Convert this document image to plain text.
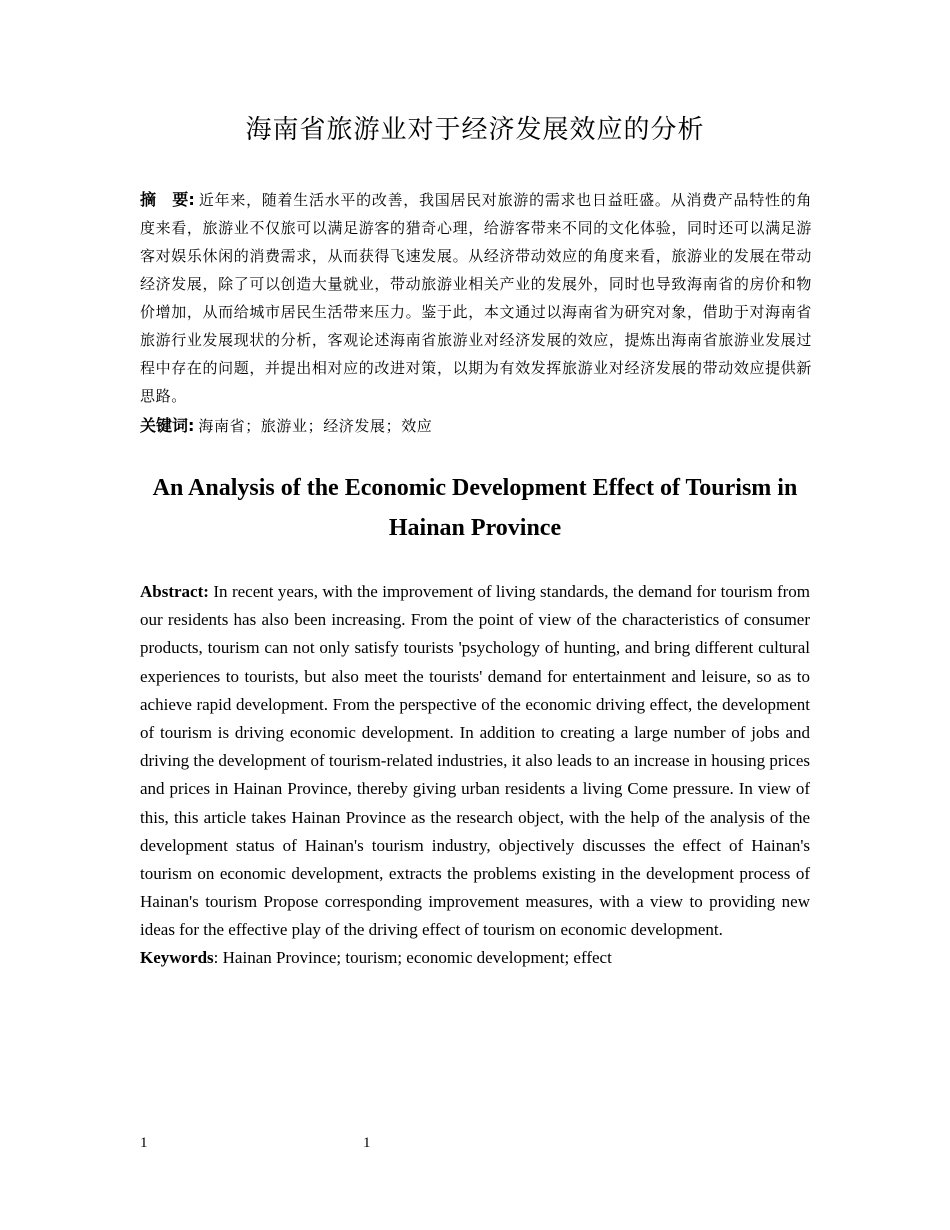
海南省旅游业对于经济发展效应的分析
摘　要: 近年来，随着生活水平的改善，我国居民对旅游的需求也日益旺盛。从消费产品特性的角度来看，旅游业不仅旅可以满足游客的猎奇心理，给游客带来不同的文化体验，同时还可以满足游客对娱乐休闲的消费需求，从而获得飞速发展。从经济带动效应的角度来看，旅游业的发展在带动经济发展，除了可以创造大量就业，带动旅游业相关产业的发展外，同时也导致海南省的房价和物价增加，从而给城市居民生活带来压力。鉴于此，本文通过以海南省为研究对象，借助于对海南省旅游行业发展现状的分析，客观论述海南省旅游业对经济发展的效应，提炼出海南省旅游业发展过程中存在的问题，并提出相对应的改进对策，以期为有效发挥旅游业对经济发展的带动效应提供新思路。
关键词: 海南省；旅游业；经济发展；效应
An Analysis of the Economic Development Effect of Tourism in Hainan Province
Abstract: In recent years, with the improvement of living standards, the demand for tourism from our residents has also been increasing. From the point of view of the characteristics of consumer products, tourism can not only satisfy tourists 'psychology of hunting, and bring different cultural experiences to tourists, but also meet the tourists' demand for entertainment and leisure, so as to achieve rapid development. From the perspective of the economic driving effect, the development of tourism is driving economic development. In addition to creating a large number of jobs and driving the development of tourism-related industries, it also leads to an increase in housing prices and prices in Hainan Province, thereby giving urban residents a living Come pressure. In view of this, this article takes Hainan Province as the research object, with the help of the analysis of the development status of Hainan's tourism industry, objectively discusses the effect of Hainan's tourism on economic development, extracts the problems existing in the development process of Hainan's tourism Propose corresponding improvement measures, with a view to providing new ideas for the effective play of the driving effect of tourism on economic development.
Keywords: Hainan Province; tourism; economic development; effect
1	1
